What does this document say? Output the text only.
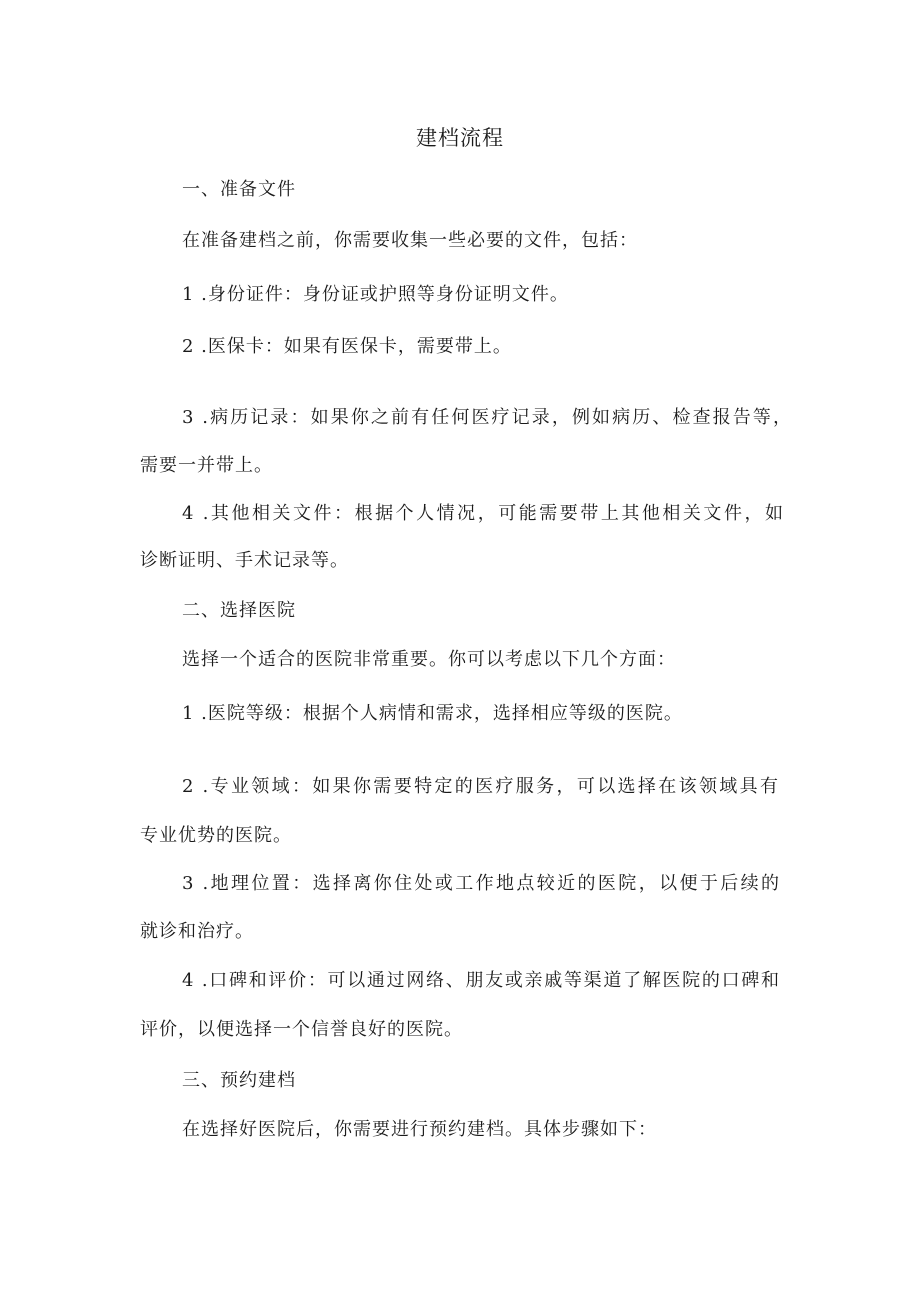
建档流程
一、准备文件
在准备建档之前，你需要收集一些必要的文件，包括：
1 .身份证件：身份证或护照等身份证明文件。
2 .医保卡：如果有医保卡，需要带上。
3 .病历记录：如果你之前有任何医疗记录，例如病历、检查报告等，
需要一并带上。
4 .其他相关文件：根据个人情况，可能需要带上其他相关文件，如
诊断证明、手术记录等。
二、选择医院
选择一个适合的医院非常重要。你可以考虑以下几个方面：
1 .医院等级：根据个人病情和需求，选择相应等级的医院。
2 .专业领域：如果你需要特定的医疗服务，可以选择在该领域具有
专业优势的医院。
3 .地理位置：选择离你住处或工作地点较近的医院，以便于后续的
就诊和治疗。
4 .口碑和评价：可以通过网络、朋友或亲戚等渠道了解医院的口碑和
评价，以便选择一个信誉良好的医院。
三、预约建档
在选择好医院后，你需要进行预约建档。具体步骤如下：
